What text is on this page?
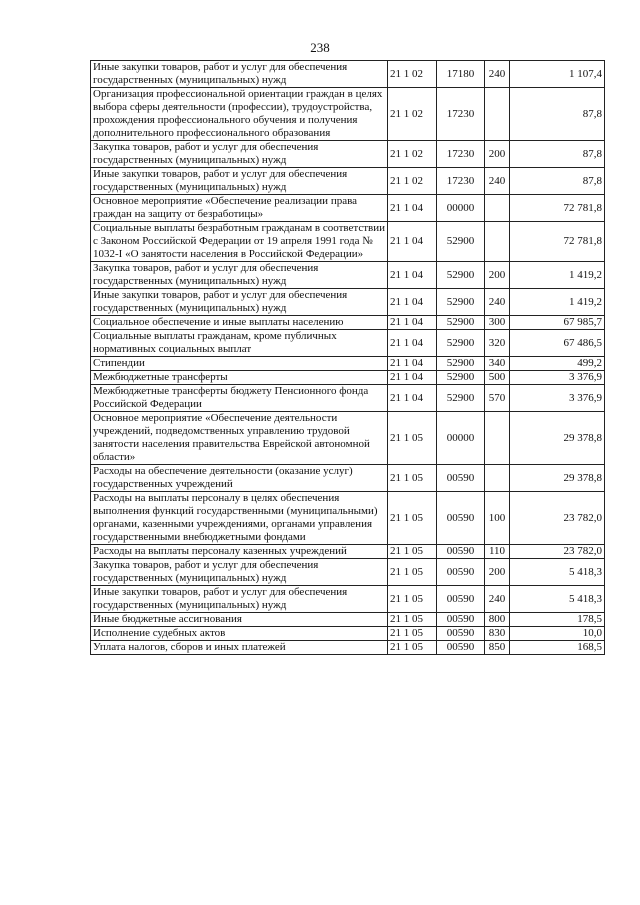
238
Иные закупки товаров, работ и услуг для обеспечения государственных (муниципальных) нужд	21 1 02	17180	240	1 107,4
Организация профессиональной ориентации граждан в целях выбора сферы деятельности (профессии), трудоустройства, прохождения профессионального обучения и получения дополнительного профессионального образования	21 1 02	17230		87,8
Закупка товаров, работ и услуг для обеспечения государственных (муниципальных) нужд	21 1 02	17230	200	87,8
Иные закупки товаров, работ и услуг для обеспечения государственных (муниципальных) нужд	21 1 02	17230	240	87,8
Основное мероприятие «Обеспечение реализации права граждан на защиту от безработицы»	21 1 04	00000		72 781,8
Социальные выплаты безработным гражданам в соответствии с Законом Российской Федерации от 19 апреля 1991 года № 1032-I «О занятости населения в Российской Федерации»	21 1 04	52900		72 781,8
Закупка товаров, работ и услуг для обеспечения государственных (муниципальных) нужд	21 1 04	52900	200	1 419,2
Иные закупки товаров, работ и услуг для обеспечения государственных (муниципальных) нужд	21 1 04	52900	240	1 419,2
Социальное обеспечение и иные выплаты населению	21 1 04	52900	300	67 985,7
Социальные выплаты гражданам, кроме публичных нормативных социальных выплат	21 1 04	52900	320	67 486,5
Стипендии	21 1 04	52900	340	499,2
Межбюджетные трансферты	21 1 04	52900	500	3 376,9
Межбюджетные трансферты бюджету Пенсионного фонда Российской Федерации	21 1 04	52900	570	3 376,9
Основное мероприятие «Обеспечение деятельности учреждений, подведомственных управлению трудовой занятости населения правительства Еврейской автономной области»	21 1 05	00000		29 378,8
Расходы на обеспечение деятельности (оказание услуг) государственных учреждений	21 1 05	00590		29 378,8
Расходы на выплаты персоналу в целях обеспечения выполнения функций государственными (муниципальными) органами, казенными учреждениями, органами управления государственными внебюджетными фондами	21 1 05	00590	100	23 782,0
Расходы на выплаты персоналу казенных учреждений	21 1 05	00590	110	23 782,0
Закупка товаров, работ и услуг для обеспечения государственных (муниципальных) нужд	21 1 05	00590	200	5 418,3
Иные закупки товаров, работ и услуг для обеспечения государственных (муниципальных) нужд	21 1 05	00590	240	5 418,3
Иные бюджетные ассигнования	21 1 05	00590	800	178,5
Исполнение судебных актов	21 1 05	00590	830	10,0
Уплата налогов, сборов и иных платежей	21 1 05	00590	850	168,5
